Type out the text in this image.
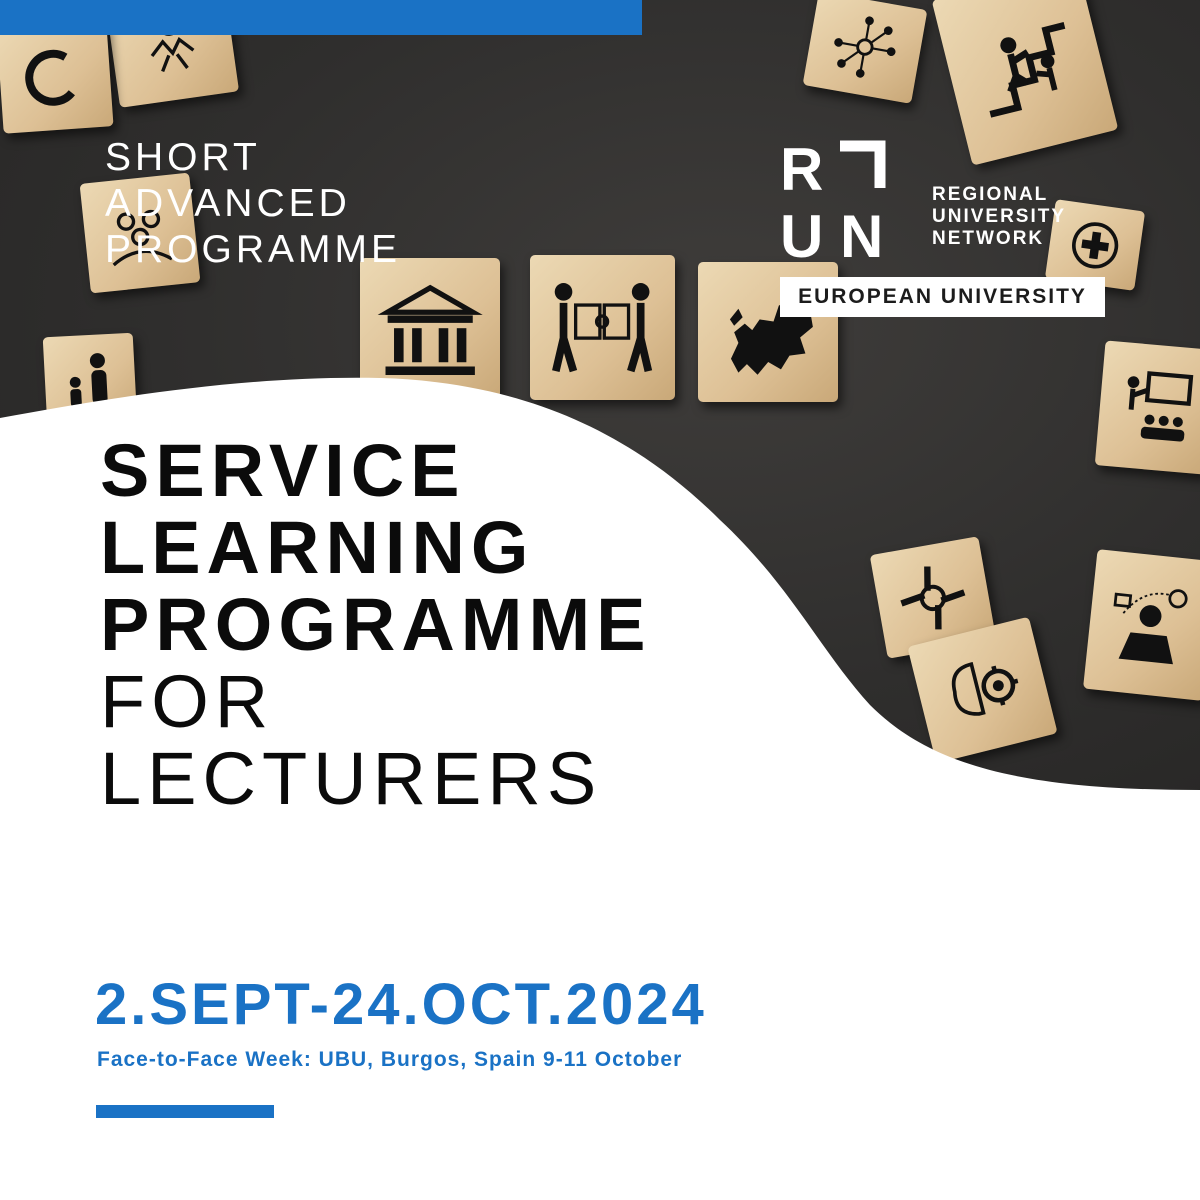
SHORT
ADVANCED
PROGRAMME
R
U N
REGIONAL
UNIVERSITY
NETWORK
EUROPEAN UNIVERSITY
SERVICE
LEARNING
PROGRAMME
FOR
LECTURERS
2.SEPT-24.OCT.2024
Face-to-Face Week: UBU, Burgos, Spain 9-11 October
